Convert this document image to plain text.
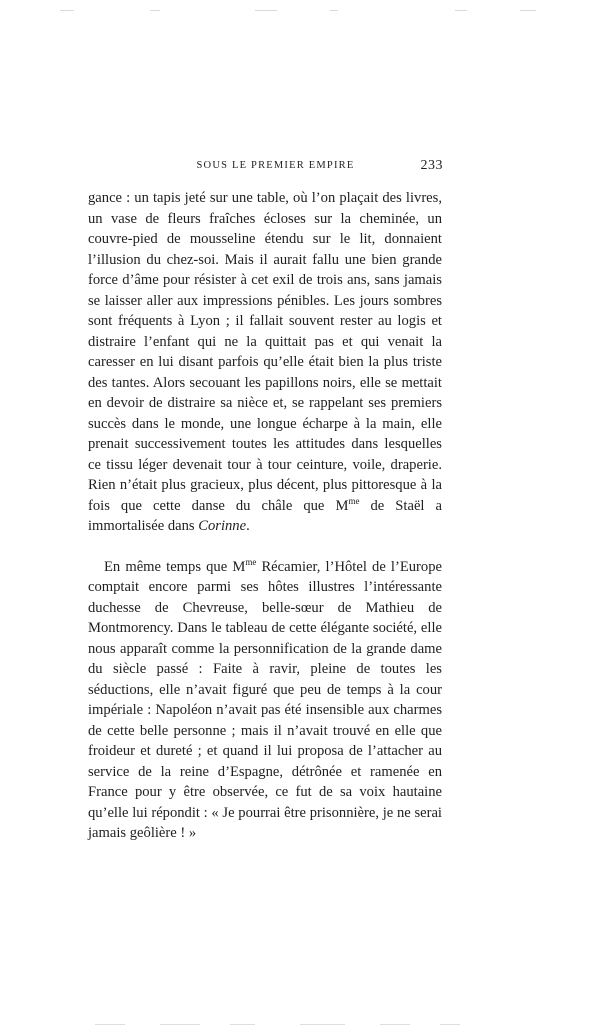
SOUS LE PREMIER EMPIRE	233

gance : un tapis jeté sur une table, où l’on plaçait des livres, un vase de fleurs fraîches écloses sur la cheminée, un couvre-pied de mousseline étendu sur le lit, donnaient l’illusion du chez-soi. Mais il aurait fallu une bien grande force d’âme pour résister à cet exil de trois ans, sans jamais se laisser aller aux impressions pénibles. Les jours sombres sont fréquents à Lyon ; il fallait souvent rester au logis et distraire l’enfant qui ne la quittait pas et qui venait la caresser en lui disant parfois qu’elle était bien la plus triste des tantes. Alors secouant les papillons noirs, elle se mettait en devoir de distraire sa nièce et, se rappelant ses premiers succès dans le monde, une longue écharpe à la main, elle prenait successivement toutes les attitudes dans lesquelles ce tissu léger devenait tour à tour ceinture, voile, draperie. Rien n’était plus gracieux, plus décent, plus pittoresque à la fois que cette danse du châle que $M^{me}$ de Staël a immortalisée dans Corinne.

En même temps que $M^{me}$ Récamier, l’Hôtel de l’Europe comptait encore parmi ses hôtes illustres l’intéressante duchesse de Chevreuse, belle-sœur de Mathieu de Montmorency. Dans le tableau de cette élégante société, elle nous apparaît comme la personnification de la grande dame du siècle passé : Faite à ravir, pleine de toutes les séductions, elle n’avait figuré que peu de temps à la cour impériale : Napoléon n’avait pas été insensible aux charmes de cette belle personne ; mais il n’avait trouvé en elle que froideur et dureté ; et quand il lui proposa de l’attacher au service de la reine d’Espagne, détrônée et ramenée en France pour y être observée, ce fut de sa voix hautaine qu’elle lui répondit : « Je pourrai être prisonnière, je ne serai jamais geôlière ! »
